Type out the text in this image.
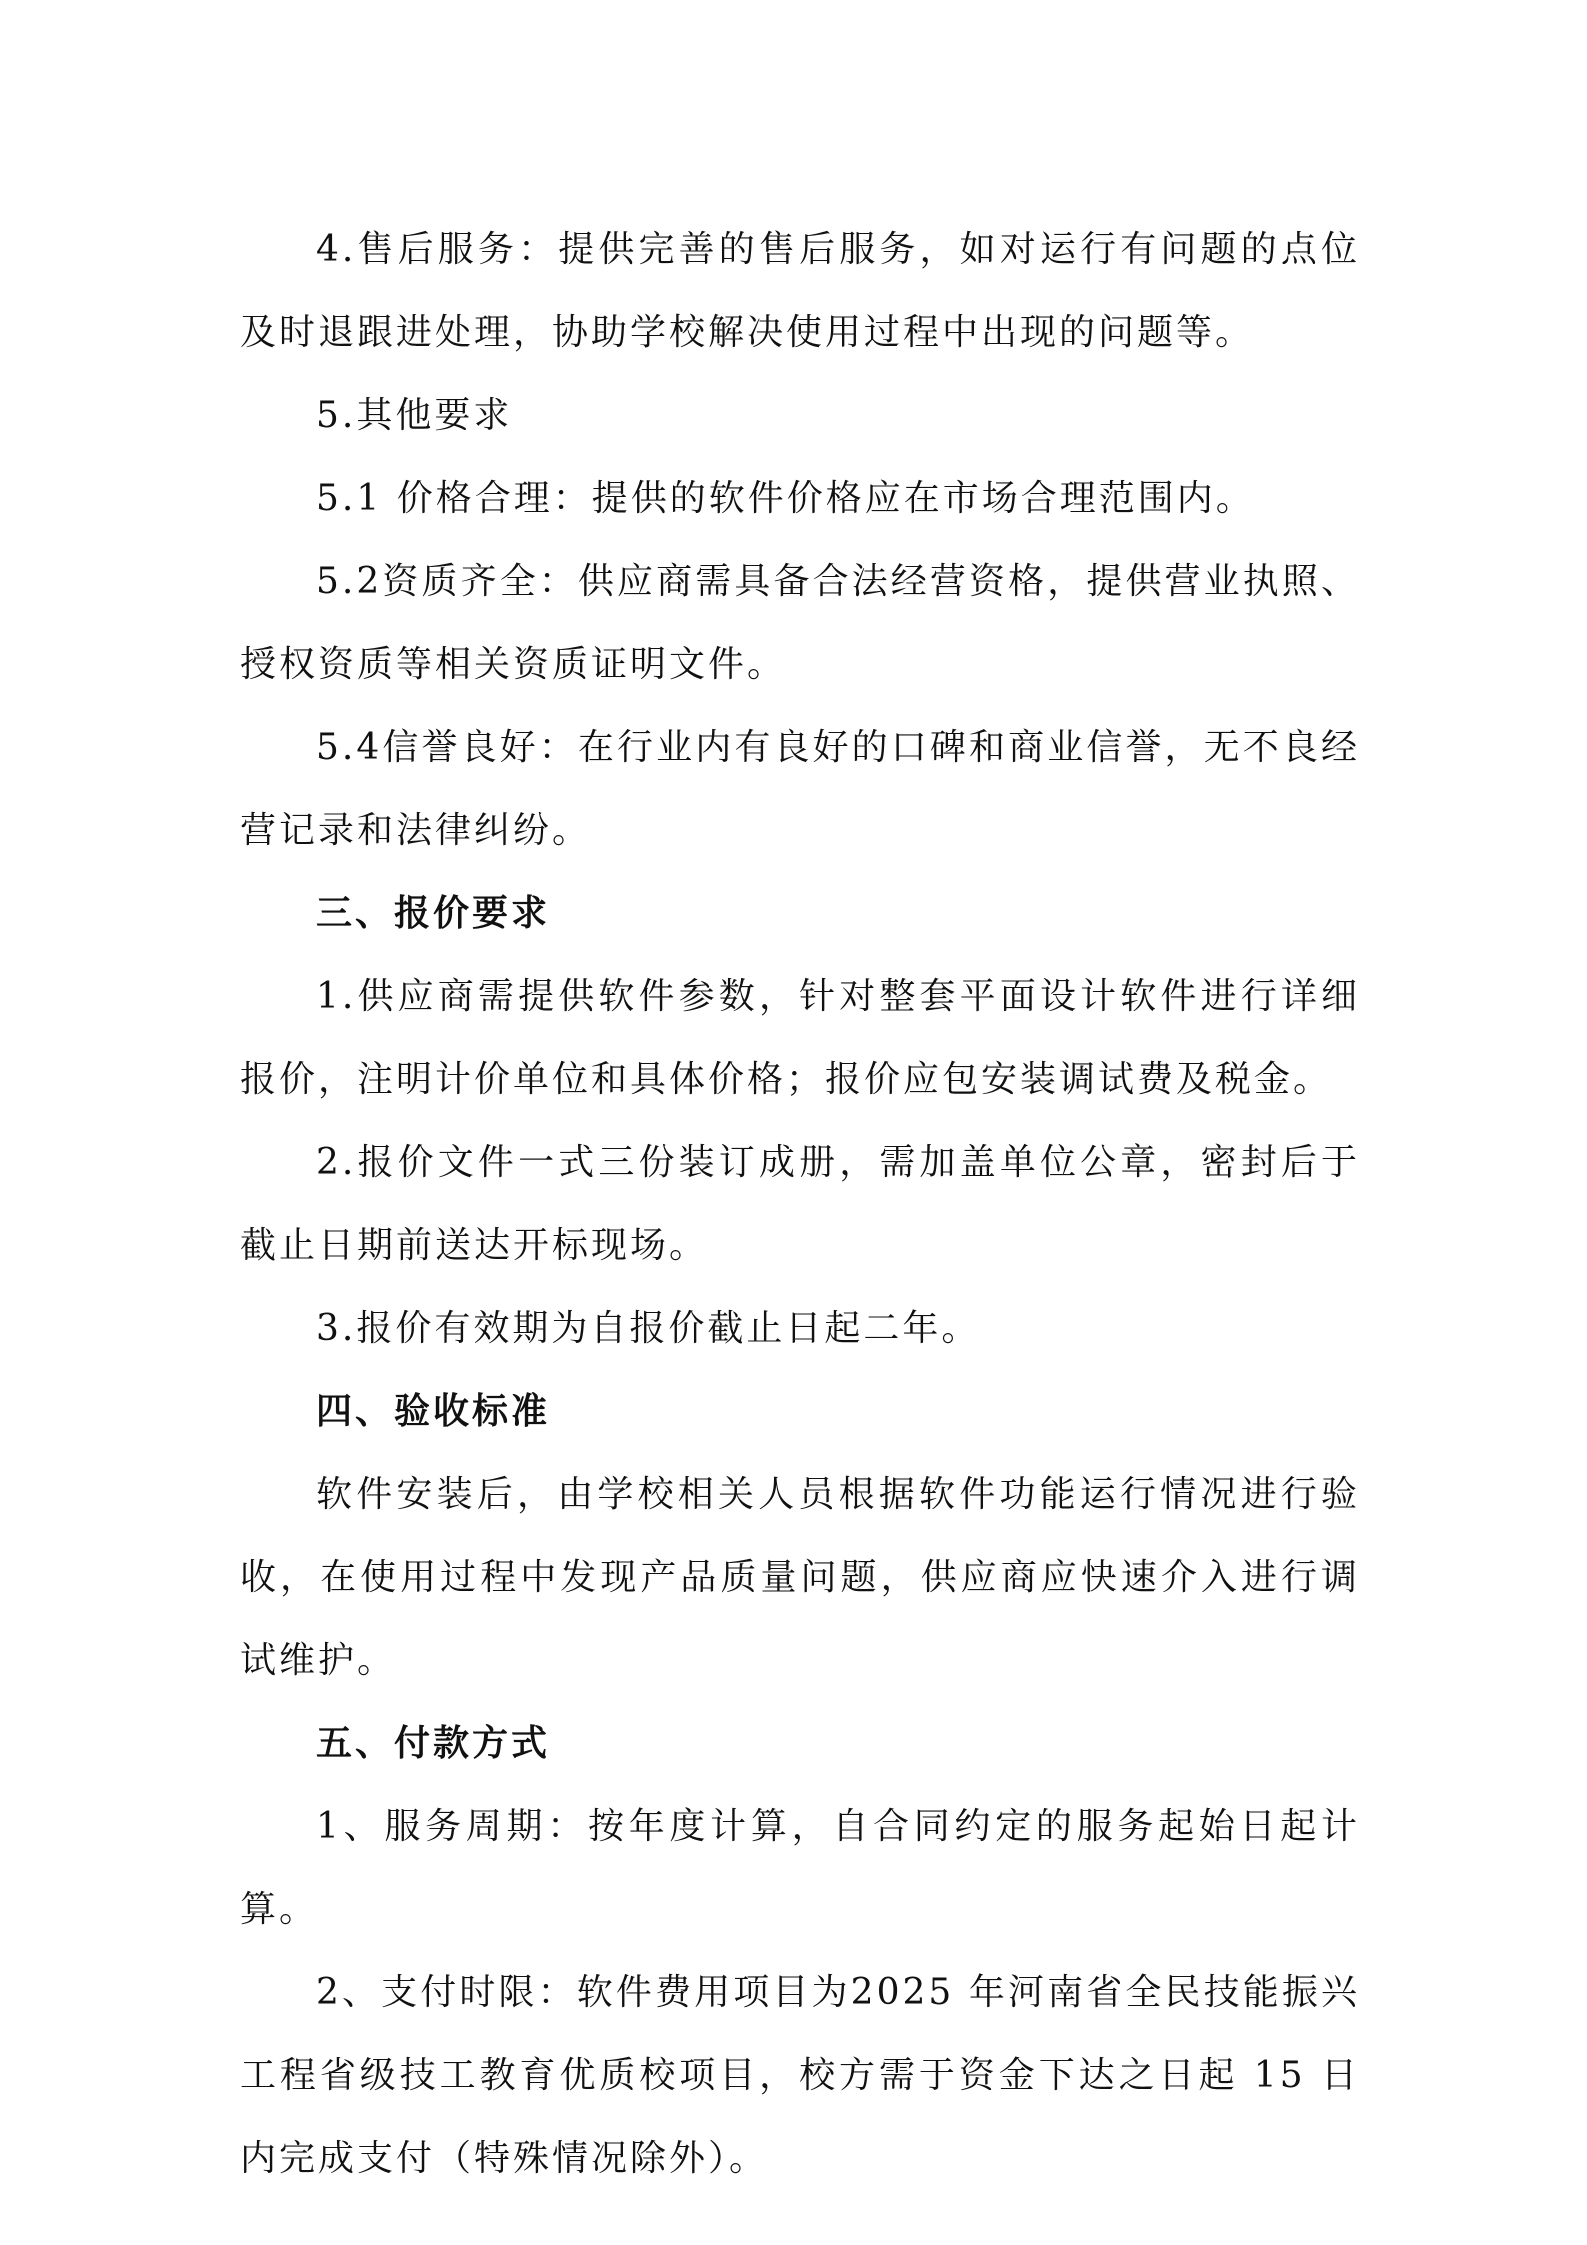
4.售后服务：提供完善的售后服务，如对运行有问题的点位及时退跟进处理，协助学校解决使用过程中出现的问题等。

5.其他要求

5.1 价格合理：提供的软件价格应在市场合理范围内。

5.2资质齐全：供应商需具备合法经营资格，提供营业执照、授权资质等相关资质证明文件。

5.4信誉良好：在行业内有良好的口碑和商业信誉，无不良经营记录和法律纠纷。

三、报价要求

1.供应商需提供软件参数，针对整套平面设计软件进行详细报价，注明计价单位和具体价格；报价应包安装调试费及税金。

2.报价文件一式三份装订成册，需加盖单位公章，密封后于截止日期前送达开标现场。

3.报价有效期为自报价截止日起二年。

四、验收标准

软件安装后，由学校相关人员根据软件功能运行情况进行验收，在使用过程中发现产品质量问题，供应商应快速介入进行调试维护。

五、付款方式

1、服务周期：按年度计算，自合同约定的服务起始日起计算。

2、支付时限：软件费用项目为2025 年河南省全民技能振兴工程省级技工教育优质校项目，校方需于资金下达之日起 15 日内完成支付（特殊情况除外）。
